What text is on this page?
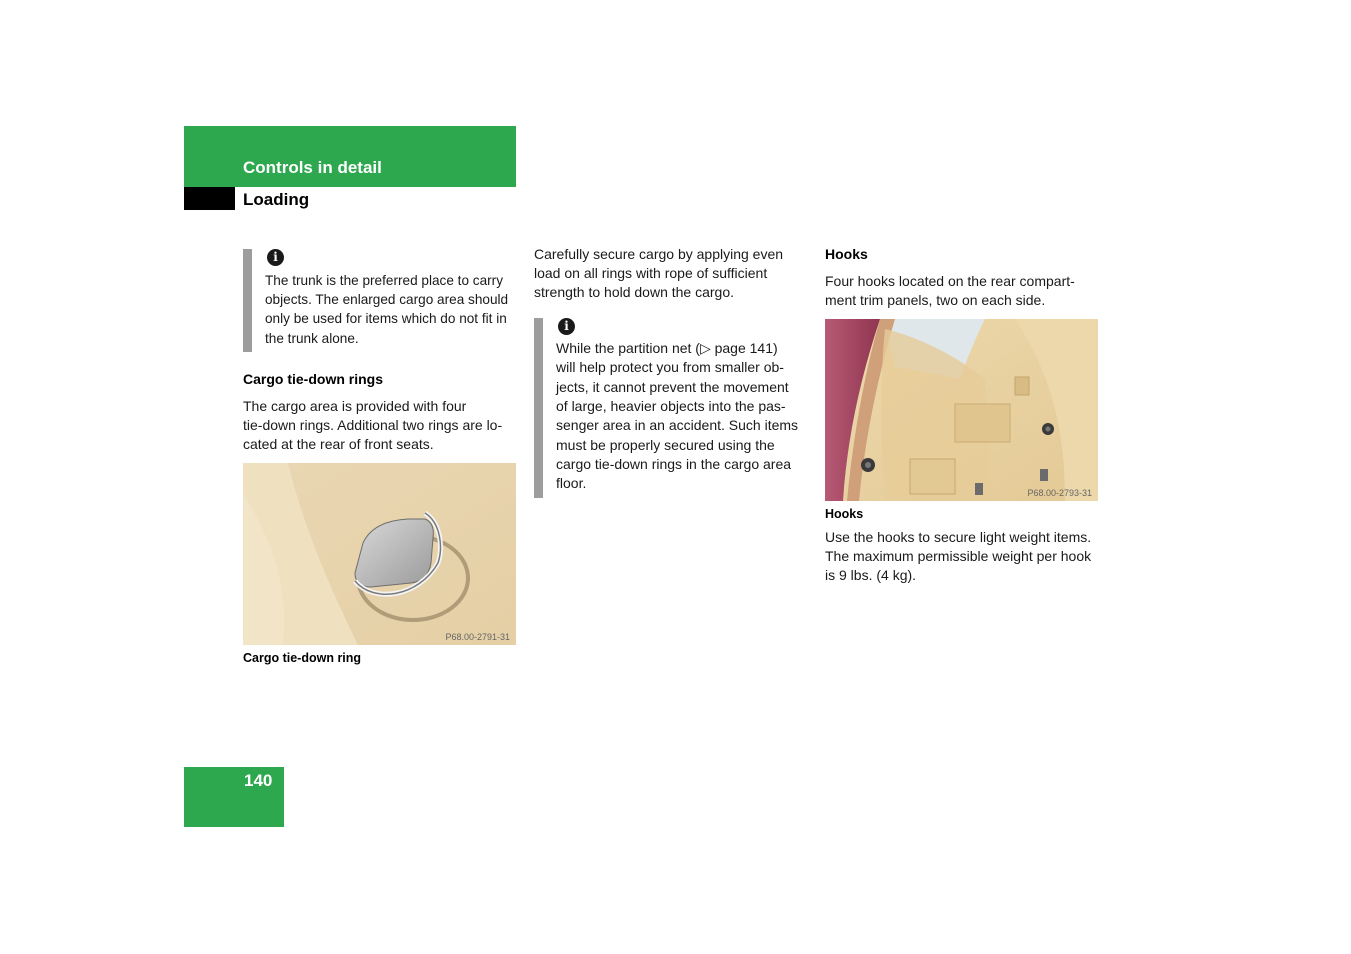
Controls in detail
Loading
i
The trunk is the preferred place to carry objects. The enlarged cargo area should only be used for items which do not fit in the trunk alone.
Cargo tie-down rings
The cargo area is provided with four
tie-down rings. Additional two rings are lo-
cated at the rear of front seats.
P68.00-2791-31
Cargo tie-down ring
Carefully secure cargo by applying even
load on all rings with rope of sufficient
strength to hold down the cargo.
i
While the partition net (▷ page 141)
will help protect you from smaller ob-
jects, it cannot prevent the movement
of large, heavier objects into the pas-
senger area in an accident. Such items
must be properly secured using the
cargo tie-down rings in the cargo area
floor.
Hooks
Four hooks located on the rear compart-
ment trim panels, two on each side.
P68.00-2793-31
Hooks
Use the hooks to secure light weight items.
The maximum permissible weight per hook
is 9 lbs. (4 kg).
140
